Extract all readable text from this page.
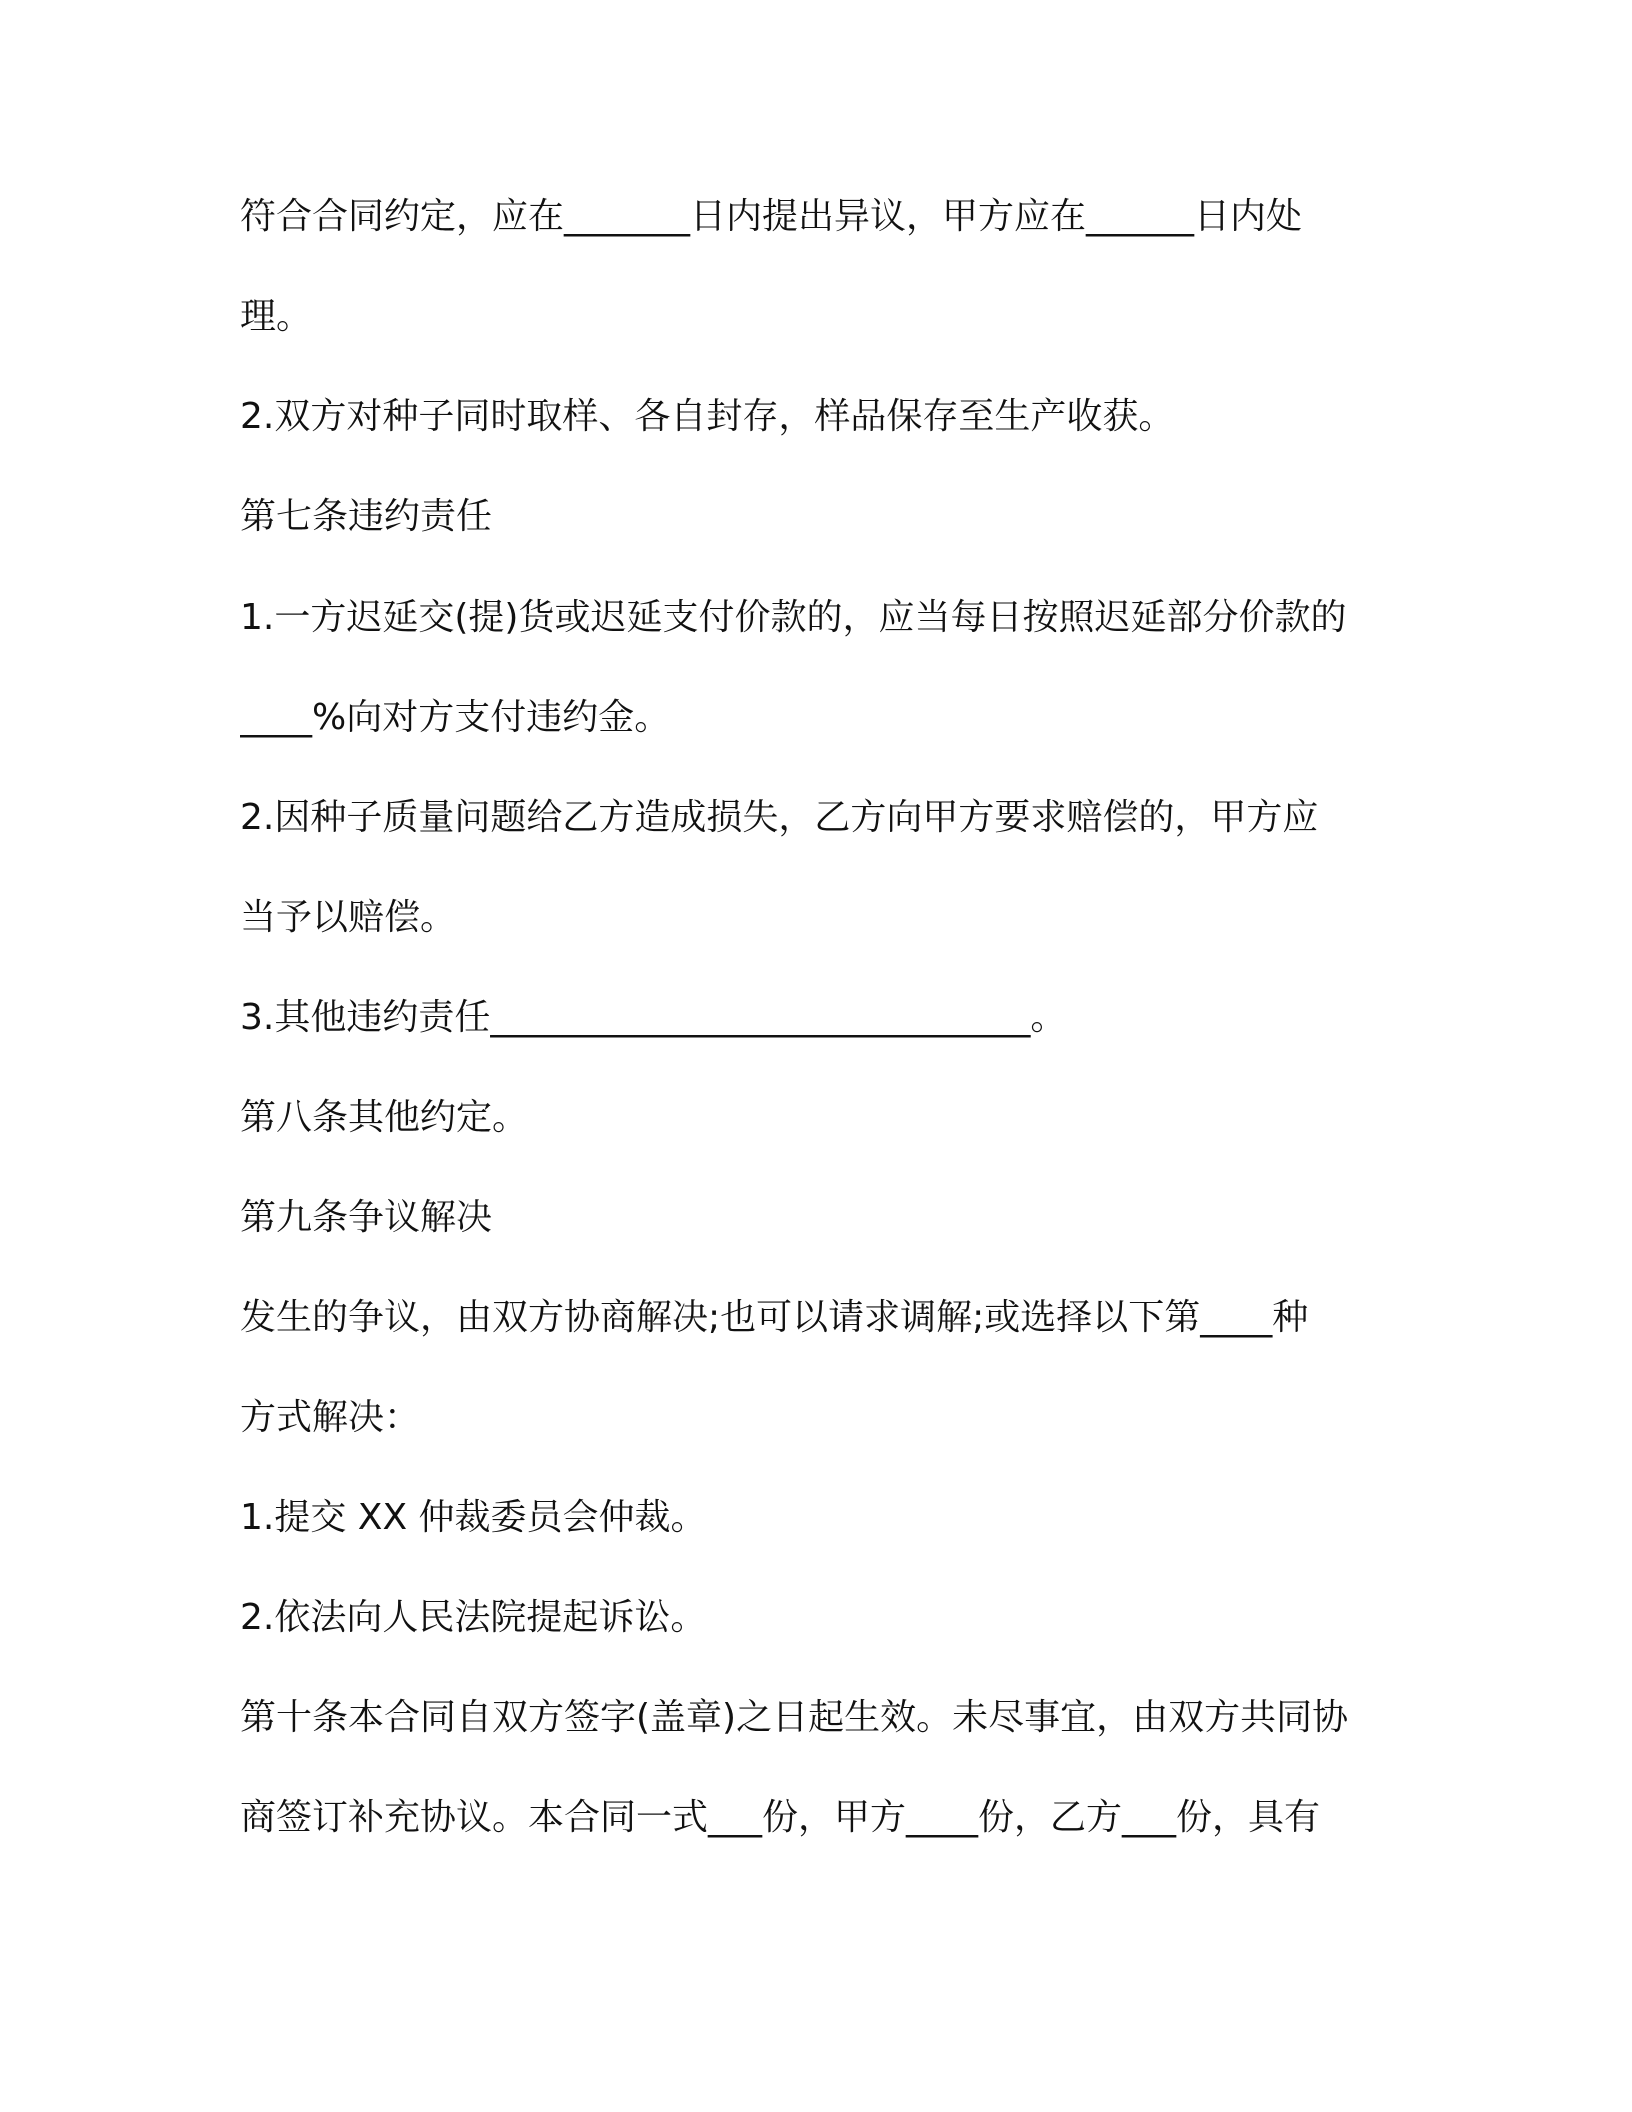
符合合同约定，应在_______日内提出异议，甲方应在______日内处
理。
2.双方对种子同时取样、各自封存，样品保存至生产收获。
第七条违约责任
1.一方迟延交(提)货或迟延支付价款的，应当每日按照迟延部分价款的
____%向对方支付违约金。
2.因种子质量问题给乙方造成损失，乙方向甲方要求赔偿的，甲方应
当予以赔偿。
3.其他违约责任______________________________。
第八条其他约定。
第九条争议解决
发生的争议，由双方协商解决;也可以请求调解;或选择以下第____种
方式解决：
1.提交 XX 仲裁委员会仲裁。
2.依法向人民法院提起诉讼。
第十条本合同自双方签字(盖章)之日起生效。未尽事宜，由双方共同协
商签订补充协议。本合同一式___份，甲方____份，乙方___份，具有
